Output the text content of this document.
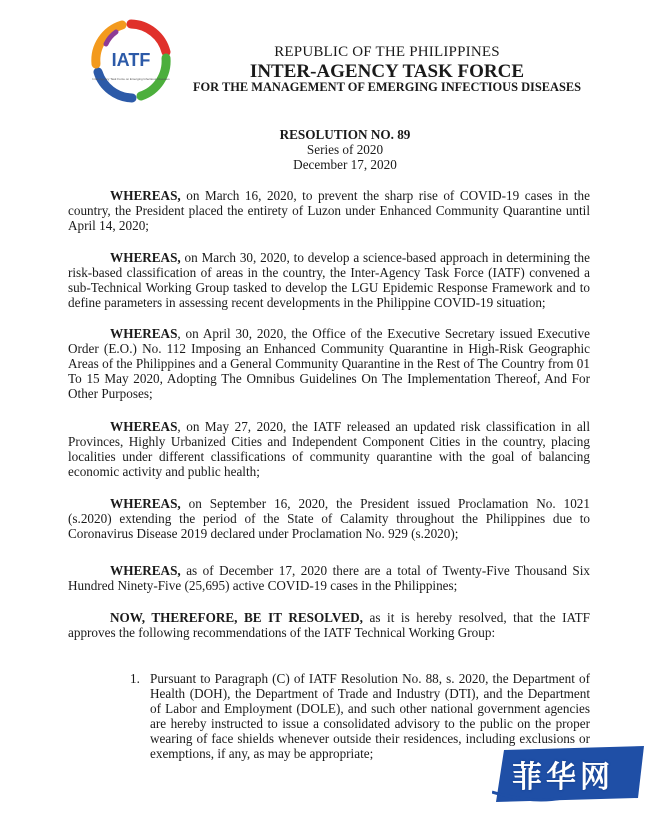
IATF
Inter-Agency Task Force on Emerging Infectious Diseases
REPUBLIC OF THE PHILIPPINES
INTER-AGENCY TASK FORCE
FOR THE MANAGEMENT OF EMERGING INFECTIOUS DISEASES
RESOLUTION NO. 89
Series of 2020
December 17, 2020

WHEREAS, on March 16, 2020, to prevent the sharp rise of COVID-19 cases in the country, the President placed the entirety of Luzon under Enhanced Community Quarantine until April 14, 2020;

WHEREAS, on March 30, 2020, to develop a science-based approach in determining the risk-based classification of areas in the country, the Inter-Agency Task Force (IATF) convened a sub-Technical Working Group tasked to develop the LGU Epidemic Response Framework and to define parameters in assessing recent developments in the Philippine COVID-19 situation;

WHEREAS, on April 30, 2020, the Office of the Executive Secretary issued Executive Order (E.O.) No. 112 Imposing an Enhanced Community Quarantine in High-Risk Geographic Areas of the Philippines and a General Community Quarantine in the Rest of The Country from 01 To 15 May 2020, Adopting The Omnibus Guidelines On The Implementation Thereof, And For Other Purposes;

WHEREAS, on May 27, 2020, the IATF released an updated risk classification in all Provinces, Highly Urbanized Cities and Independent Component Cities in the country, placing localities under different classifications of community quarantine with the goal of balancing economic activity and public health;

WHEREAS, on September 16, 2020, the President issued Proclamation No. 1021 (s.2020) extending the period of the State of Calamity throughout the Philippines due to Coronavirus Disease 2019 declared under Proclamation No. 929 (s.2020);

WHEREAS, as of December 17, 2020 there are a total of Twenty-Five Thousand Six Hundred Ninety-Five (25,695) active COVID-19 cases in the Philippines;

NOW, THEREFORE, BE IT RESOLVED, as it is hereby resolved, that the IATF approves the following recommendations of the IATF Technical Working Group:

1. Pursuant to Paragraph (C) of IATF Resolution No. 88, s. 2020, the Department of Health (DOH), the Department of Trade and Industry (DTI), and the Department of Labor and Employment (DOLE), and such other national government agencies are hereby instructed to issue a consolidated advisory to the public on the proper wearing of face shields whenever outside their residences, including exclusions or exemptions, if any, as may be appropriate;

菲华网
